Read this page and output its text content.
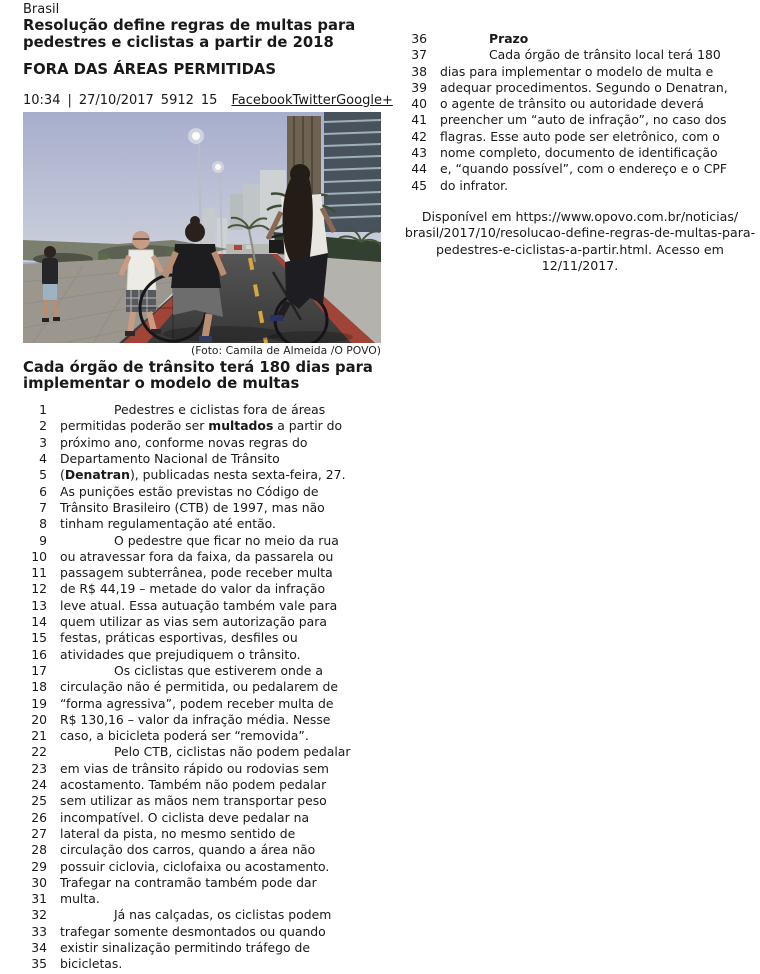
Brasil
Resolução define regras de multas para pedestres e ciclistas a partir de 2018
FORA DAS ÁREAS PERMITIDAS
10:34 | 27/10/2017 5912 15 FacebookTwitterGoogle+
(Foto: Camila de Almeida /O POVO)
Cada órgão de trânsito terá 180 dias para implementar o modelo de multas
1	Pedestres e ciclistas fora de áreas
2 permitidas poderão ser multados a partir do
3 próximo ano, conforme novas regras do
4 Departamento Nacional de Trânsito
5 (Denatran), publicadas nesta sexta-feira, 27.
6 As punições estão previstas no Código de
7 Trânsito Brasileiro (CTB) de 1997, mas não
8 tinham regulamentação até então.
9	O pedestre que ficar no meio da rua
10 ou atravessar fora da faixa, da passarela ou
11 passagem subterrânea, pode receber multa
12 de R$ 44,19 – metade do valor da infração
13 leve atual. Essa autuação também vale para
14 quem utilizar as vias sem autorização para
15 festas, práticas esportivas, desfiles ou
16 atividades que prejudiquem o trânsito.
17	Os ciclistas que estiverem onde a
18 circulação não é permitida, ou pedalarem de
19 “forma agressiva”, podem receber multa de
20 R$ 130,16 – valor da infração média. Nesse
21 caso, a bicicleta poderá ser “removida”.
22	Pelo CTB, ciclistas não podem pedalar
23 em vias de trânsito rápido ou rodovias sem
24 acostamento. Também não podem pedalar
25 sem utilizar as mãos nem transportar peso
26 incompatível. O ciclista deve pedalar na
27 lateral da pista, no mesmo sentido de
28 circulação dos carros, quando a área não
29 possuir ciclovia, ciclofaixa ou acostamento.
30 Trafegar na contramão também pode dar
31 multa.
32	Já nas calçadas, os ciclistas podem
33 trafegar somente desmontados ou quando
34 existir sinalização permitindo tráfego de
35 bicicletas.
36	Prazo
37	Cada órgão de trânsito local terá 180
38 dias para implementar o modelo de multa e
39 adequar procedimentos. Segundo o Denatran,
40 o agente de trânsito ou autoridade deverá
41 preencher um “auto de infração”, no caso dos
42 flagras. Esse auto pode ser eletrônico, com o
43 nome completo, documento de identificação
44 e, “quando possível”, com o endereço e o CPF
45 do infrator.
Disponível em https://www.opovo.com.br/noticias/
brasil/2017/10/resolucao-define-regras-de-multas-para-
pedestres-e-ciclistas-a-partir.html. Acesso em 12/11/2017.
